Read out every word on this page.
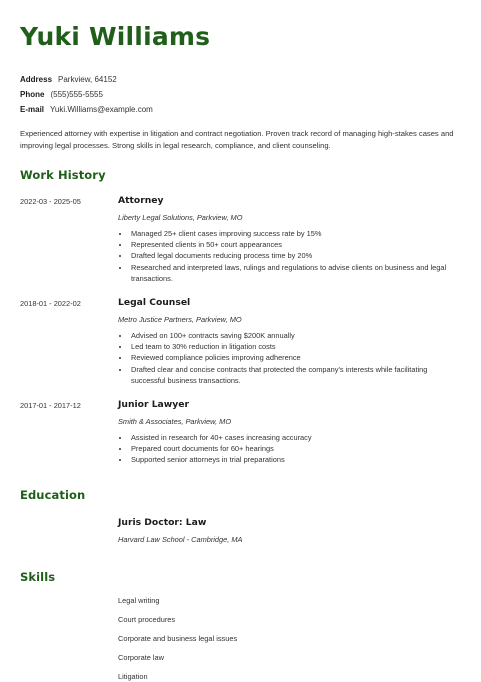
Yuki Williams
Address Parkview, 64152
Phone (555)555-5555
E-mail Yuki.Williams@example.com

Experienced attorney with expertise in litigation and contract negotiation. Proven track record of managing high-stakes cases and improving legal processes. Strong skills in legal research, compliance, and client counseling.

Work History
2022-03 - 2025-05	Attorney
Liberty Legal Solutions, Parkview, MO
• Managed 25+ client cases improving success rate by 15%
• Represented clients in 50+ court appearances
• Drafted legal documents reducing process time by 20%
• Researched and interpreted laws, rulings and regulations to advise clients on business and legal transactions.
2018-01 - 2022-02	Legal Counsel
Metro Justice Partners, Parkview, MO
• Advised on 100+ contracts saving $200K annually
• Led team to 30% reduction in litigation costs
• Reviewed compliance policies improving adherence
• Drafted clear and concise contracts that protected the company's interests while facilitating successful business transactions.
2017-01 - 2017-12	Junior Lawyer
Smith & Associates, Parkview, MO
• Assisted in research for 40+ cases increasing accuracy
• Prepared court documents for 60+ hearings
• Supported senior attorneys in trial preparations
Education
Juris Doctor: Law
Harvard Law School - Cambridge, MA
Skills
Legal writing
Court procedures
Corporate and business legal issues
Corporate law
Litigation
